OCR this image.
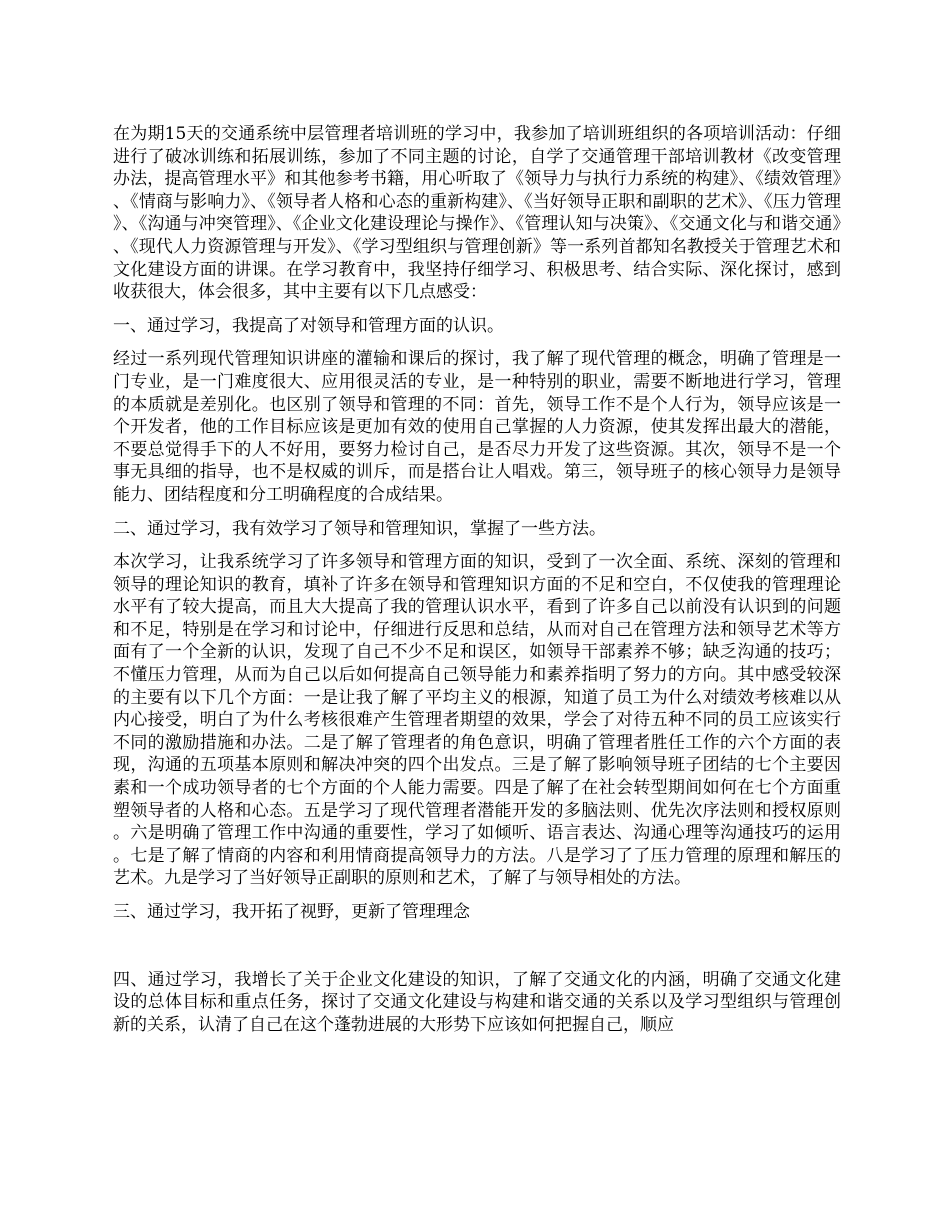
在为期15天的交通系统中层管理者培训班的学习中，我参加了培训班组织的各项培训活动：仔细进行了破冰训练和拓展训练，参加了不同主题的讨论，自学了交通管理干部培训教材《改变管理办法，提高管理水平》和其他参考书籍，用心听取了《领导力与执行力系统的构建》、《绩效管理》、《情商与影响力》、《领导者人格和心态的重新构建》、《当好领导正职和副职的艺术》、《压力管理》、《沟通与冲突管理》、《企业文化建设理论与操作》、《管理认知与决策》、《交通文化与和谐交通》、《现代人力资源管理与开发》、《学习型组织与管理创新》等一系列首都知名教授关于管理艺术和文化建设方面的讲课。在学习教育中，我坚持仔细学习、积极思考、结合实际、深化探讨，感到收获很大，体会很多，其中主要有以下几点感受：

一、通过学习，我提高了对领导和管理方面的认识。

经过一系列现代管理知识讲座的灌输和课后的探讨，我了解了现代管理的概念，明确了管理是一门专业，是一门难度很大、应用很灵活的专业，是一种特别的职业，需要不断地进行学习，管理的本质就是差别化。也区别了领导和管理的不同：首先，领导工作不是个人行为，领导应该是一个开发者，他的工作目标应该是更加有效的使用自己掌握的人力资源，使其发挥出最大的潜能，不要总觉得手下的人不好用，要努力检讨自己，是否尽力开发了这些资源。其次，领导不是一个事无具细的指导，也不是权威的训斥，而是搭台让人唱戏。第三，领导班子的核心领导力是领导能力、团结程度和分工明确程度的合成结果。

二、通过学习，我有效学习了领导和管理知识，掌握了一些方法。

本次学习，让我系统学习了许多领导和管理方面的知识，受到了一次全面、系统、深刻的管理和领导的理论知识的教育，填补了许多在领导和管理知识方面的不足和空白，不仅使我的管理理论水平有了较大提高，而且大大提高了我的管理认识水平，看到了许多自己以前没有认识到的问题和不足，特别是在学习和讨论中，仔细进行反思和总结，从而对自己在管理方法和领导艺术等方面有了一个全新的认识，发现了自己不少不足和误区，如领导干部素养不够；缺乏沟通的技巧；不懂压力管理，从而为自己以后如何提高自己领导能力和素养指明了努力的方向。其中感受较深的主要有以下几个方面：一是让我了解了平均主义的根源，知道了员工为什么对绩效考核难以从内心接受，明白了为什么考核很难产生管理者期望的效果，学会了对待五种不同的员工应该实行不同的激励措施和办法。二是了解了管理者的角色意识，明确了管理者胜任工作的六个方面的表现，沟通的五项基本原则和解决冲突的四个出发点。三是了解了影响领导班子团结的七个主要因素和一个成功领导者的七个方面的个人能力需要。四是了解了在社会转型期间如何在七个方面重塑领导者的人格和心态。五是学习了现代管理者潜能开发的多脑法则、优先次序法则和授权原则。六是明确了管理工作中沟通的重要性，学习了如倾听、语言表达、沟通心理等沟通技巧的运用。七是了解了情商的内容和利用情商提高领导力的方法。八是学习了了压力管理的原理和解压的艺术。九是学习了当好领导正副职的原则和艺术，了解了与领导相处的方法。

三、通过学习，我开拓了视野，更新了管理理念

四、通过学习，我增长了关于企业文化建设的知识，了解了交通文化的内涵，明确了交通文化建设的总体目标和重点任务，探讨了交通文化建设与构建和谐交通的关系以及学习型组织与管理创新的关系，认清了自己在这个蓬勃进展的大形势下应该如何把握自己，顺应
